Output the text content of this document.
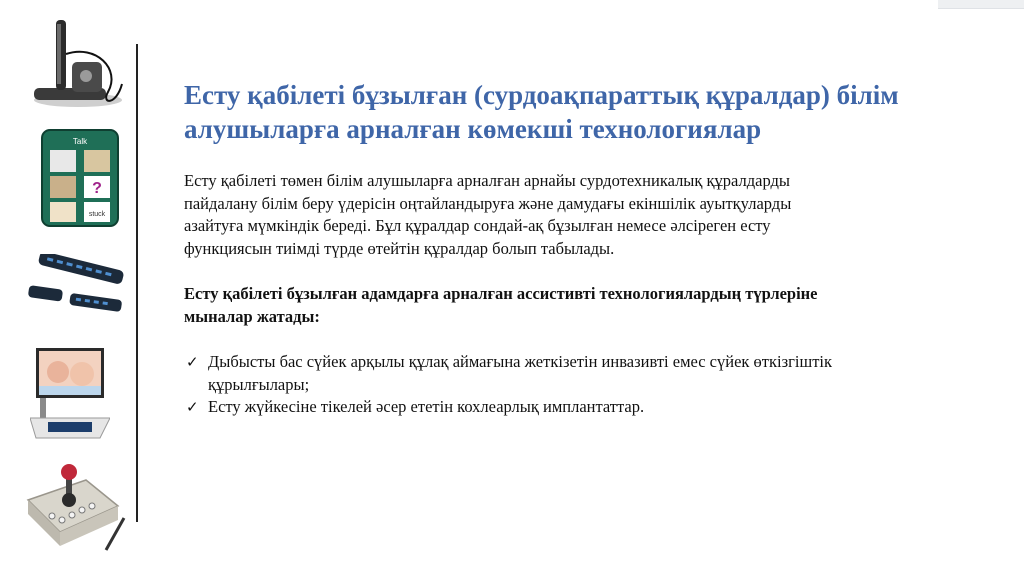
Talk
?
stuck
Есту қабілеті бұзылған (сурдоақпараттық құралдар) білім
алушыларға арналған көмекші технологиялар

Есту қабілеті төмен білім алушыларға арналған арнайы сурдотехникалық құралдарды
пайдалану білім беру үдерісін оңтайландыруға және дамудағы екіншілік ауытқуларды
азайтуға мүмкіндік береді. Бұл құралдар сондай-ақ бұзылған немесе әлсіреген есту
функциясын тиімді түрде өтейтін құралдар болып табылады.

Есту қабілеті бұзылған адамдарға арналған ассистивті технологиялардың түрлеріне
мыналар жатады:

✓ Дыбысты бас сүйек арқылы құлақ аймағына жеткізетін инвазивті емес сүйек өткізгіштік
құрылғылары;
✓ Есту жүйкесіне тікелей әсер ететін кохлеарлық имплантаттар.
